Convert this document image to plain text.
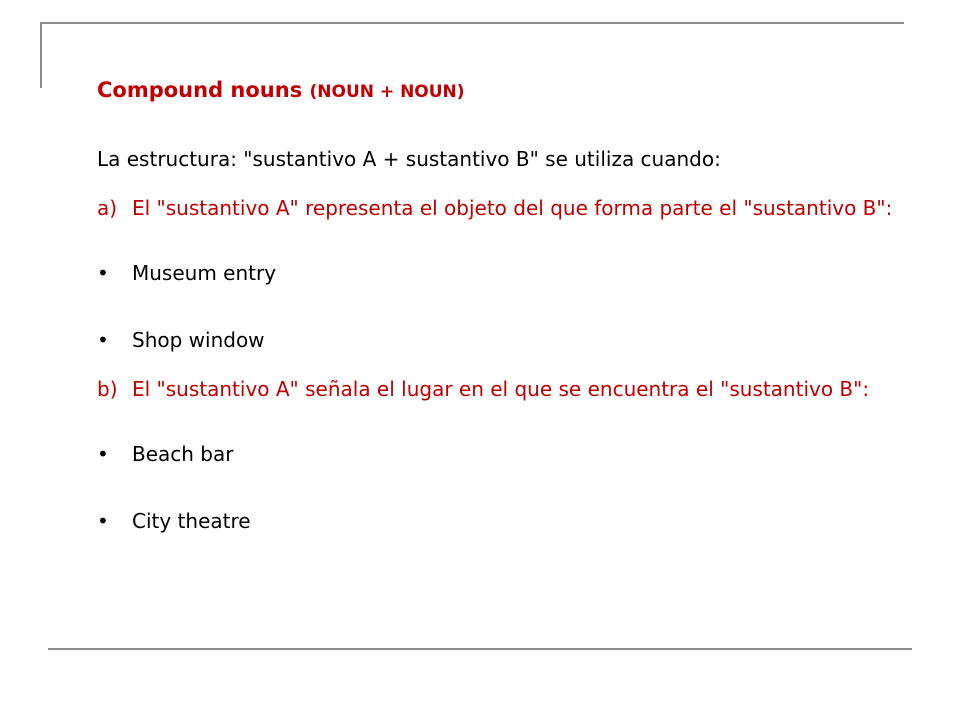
Compound nouns (NOUN + NOUN)

La estructura: "sustantivo A + sustantivo B" se utiliza cuando:

a) El "sustantivo A" representa el objeto del que forma parte el "sustantivo B":
•	Museum entry
•	Shop window
b) El "sustantivo A" señala el lugar en el que se encuentra el "sustantivo B":
•	Beach bar
•	City theatre
